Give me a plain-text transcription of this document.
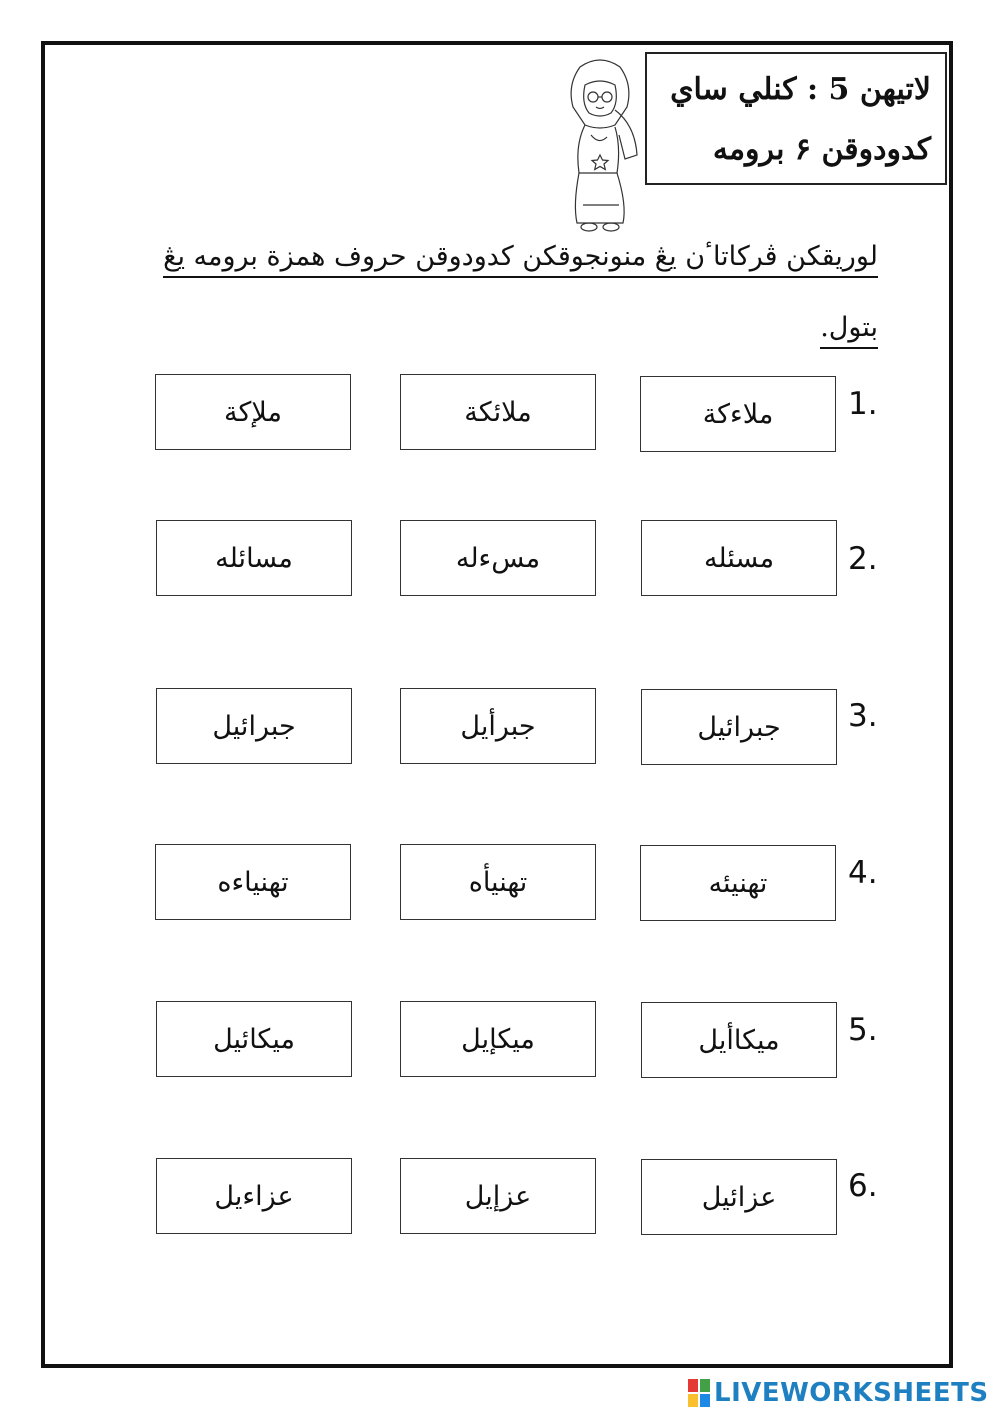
لاتيهن 5 : كنلي ساي
كدودوقن ۶ برومه
لوريقكن ڤركاتاٴن يڠ منونجوقكن كدودوقن حروف همزة برومه يڠ
بتول.
1.
ملاءكة
ملائكة
ملإكة
2.
مسئله
مسءله
مسائله
3.
جبرائيل
جبرأيل
جبرائيل
4.
تهنيئه
تهنيأه
تهنياءه
5.
ميكاأيل
ميكإيل
ميكائيل
6.
عزائيل
عزإيل
عزاءيل
LIVEWORKSHEETS
